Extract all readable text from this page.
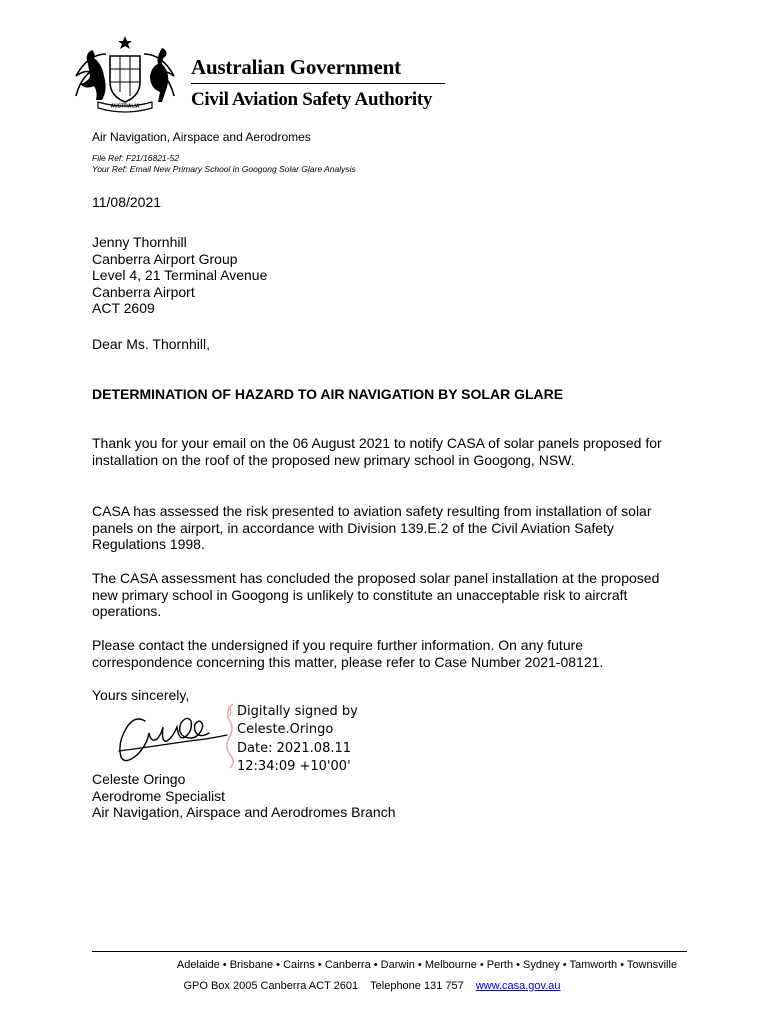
AUSTRALIA
Australian Government
Civil Aviation Safety Authority
Air Navigation, Airspace and Aerodromes
File Ref: F21/16821-52
Your Ref: Email New Primary School in Googong Solar Glare Analysis
11/08/2021
Jenny Thornhill
Canberra Airport Group
Level 4, 21 Terminal Avenue
Canberra Airport
ACT 2609
Dear Ms. Thornhill,
DETERMINATION OF HAZARD TO AIR NAVIGATION BY SOLAR GLARE
Thank you for your email on the 06 August 2021 to notify CASA of solar panels proposed for installation on the roof of the proposed new primary school in Googong, NSW.
CASA has assessed the risk presented to aviation safety resulting from installation of solar panels on the airport, in accordance with Division 139.E.2 of the Civil Aviation Safety Regulations 1998.
The CASA assessment has concluded the proposed solar panel installation at the proposed new primary school in Googong is unlikely to constitute an unacceptable risk to aircraft operations.
Please contact the undersigned if you require further information. On any future correspondence concerning this matter, please refer to Case Number 2021-08121.
Yours sincerely,
Digitally signed by
Celeste.Oringo
Date: 2021.08.11
12:34:09 +10'00'
Celeste Oringo
Aerodrome Specialist
Air Navigation, Airspace and Aerodromes Branch
Adelaide • Brisbane • Cairns • Canberra • Darwin • Melbourne • Perth • Sydney • Tamworth • Townsville
GPO Box 2005 Canberra ACT 2601 Telephone 131 757 www.casa.gov.au
